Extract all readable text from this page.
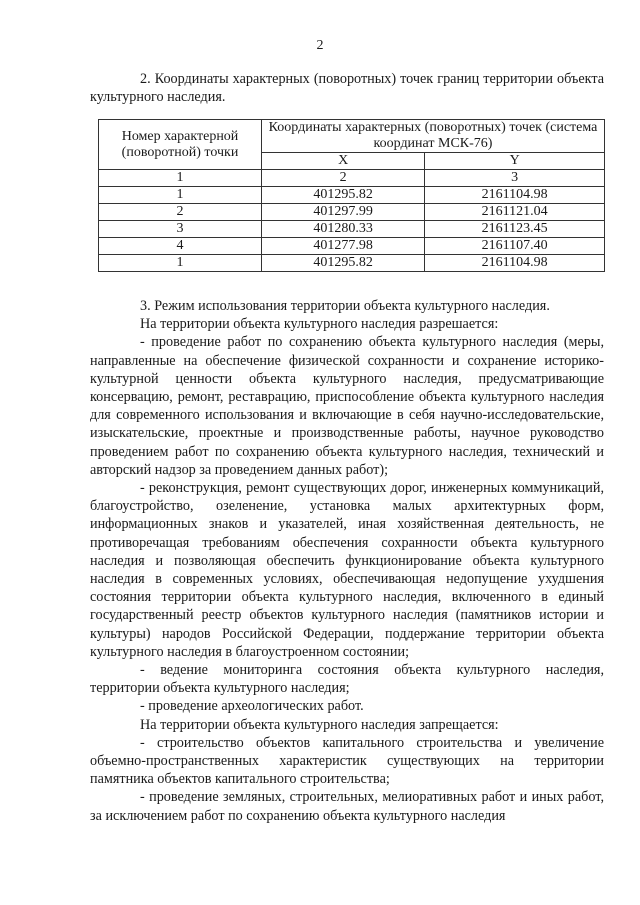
2

2. Координаты характерных (поворотных) точек границ территории объекта культурного наследия.

Номер характерной (поворотной) точки	Координаты характерных (поворотных) точек (система координат МСК-76)	
	X	Y
1	2	3
1	401295.82	2161104.98
2	401297.99	2161121.04
3	401280.33	2161123.45
4	401277.98	2161107.40
1	401295.82	2161104.98

3. Режим использования территории объекта культурного наследия.

На территории объекта культурного наследия разрешается:

- проведение работ по сохранению объекта культурного наследия (меры, направленные на обеспечение физической сохранности и сохранение историко-культурной ценности объекта культурного наследия, предусматривающие консервацию, ремонт, реставрацию, приспособление объекта культурного наследия для современного использования и включающие в себя научно-исследовательские, изыскательские, проектные и производственные работы, научное руководство проведением работ по сохранению объекта культурного наследия, технический и авторский надзор за проведением данных работ);

- реконструкция, ремонт существующих дорог, инженерных коммуникаций, благоустройство, озеленение, установка малых архитектурных форм, информационных знаков и указателей, иная хозяйственная деятельность, не противоречащая требованиям обеспечения сохранности объекта культурного наследия и позволяющая обеспечить функционирование объекта культурного наследия в современных условиях, обеспечивающая недопущение ухудшения состояния территории объекта культурного наследия, включенного в единый государственный реестр объектов культурного наследия (памятников истории и культуры) народов Российской Федерации, поддержание территории объекта культурного наследия в благоустроенном состоянии;

- ведение мониторинга состояния объекта культурного наследия, территории объекта культурного наследия;

- проведение археологических работ.

На территории объекта культурного наследия запрещается:

- строительство объектов капитального строительства и увеличение объемно-пространственных характеристик существующих на территории памятника объектов капитального строительства;

- проведение земляных, строительных, мелиоративных работ и иных работ, за исключением работ по сохранению объекта культурного наследия
